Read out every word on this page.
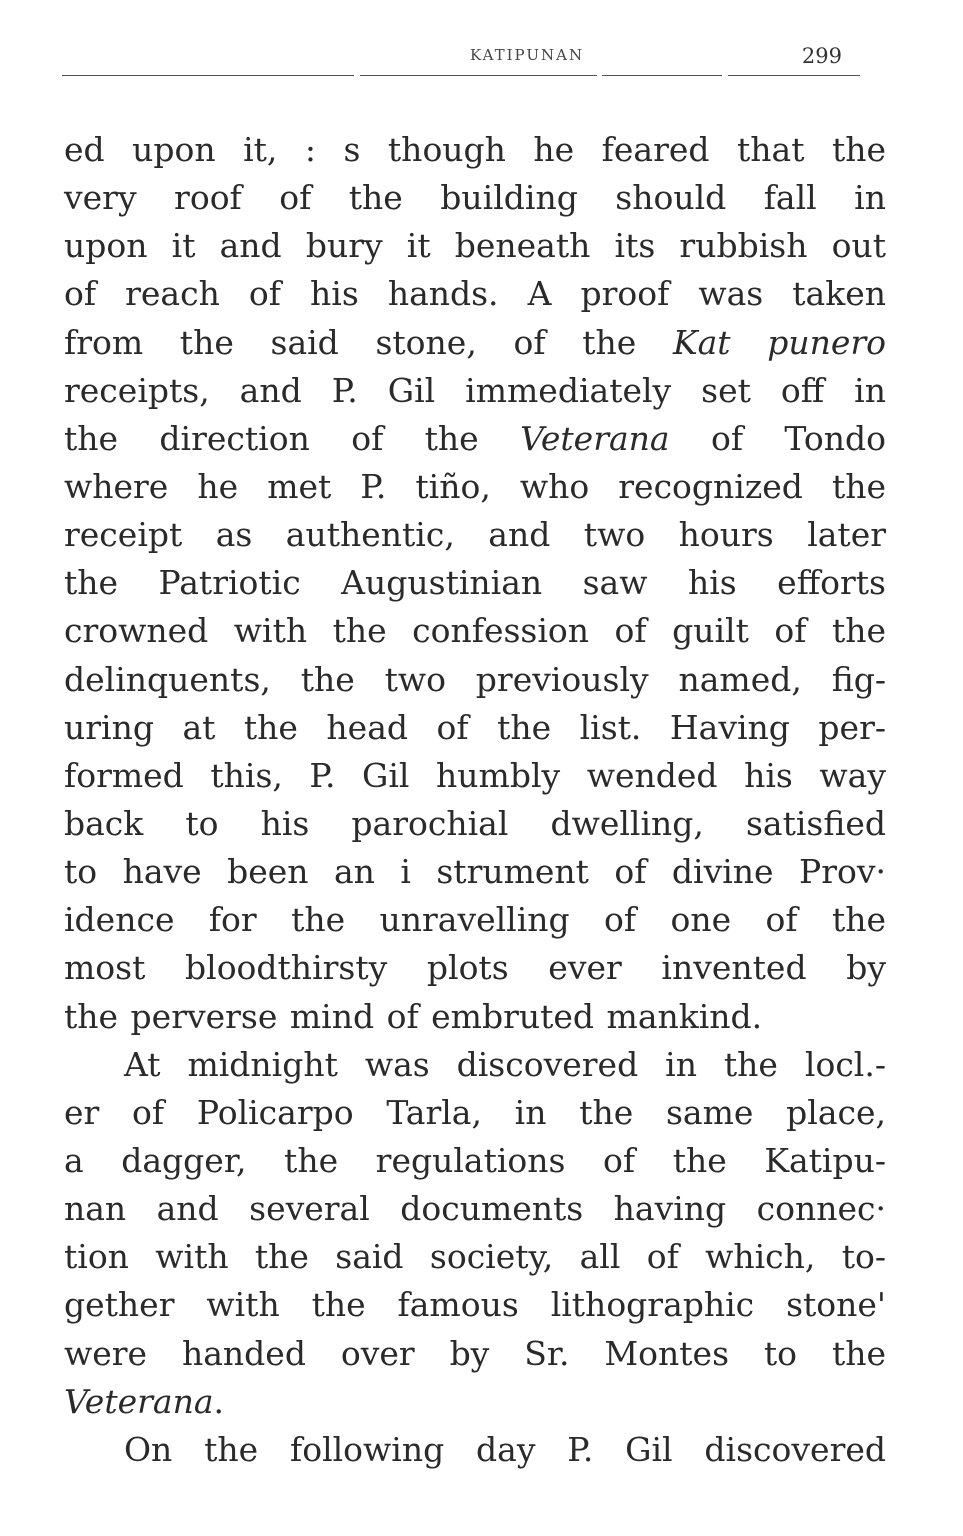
KATIPUNAN	299
ed upon it, : s though he feared that the
very roof of the building should fall in
upon it and bury it beneath its rubbish out
of reach of his hands. A proof was taken
from the said stone, of the Kat punero
receipts, and P. Gil immediately set off in
the direction of the Veterana of Tondo
where he met P. tiño, who recognized the
receipt as authentic, and two hours later
the Patriotic Augustinian saw his efforts
crowned with the confession of guilt of the
delinquents, the two previously named, fig-
uring at the head of the list. Having per-
formed this, P. Gil humbly wended his way
back to his parochial dwelling, satisfied
to have been an i strument of divine Prov·
idence for the unravelling of one of the
most bloodthirsty plots ever invented by
the perverse mind of embruted mankind.
At midnight was discovered in the locl.-
er of Policarpo Tarla, in the same place,
a dagger, the regulations of the Katipu-
nan and several documents having connec·
tion with the said society, all of which, to-
gether with the famous lithographic stone'
were handed over by Sr. Montes to the
Veterana.
On the following day P. Gil discovered
